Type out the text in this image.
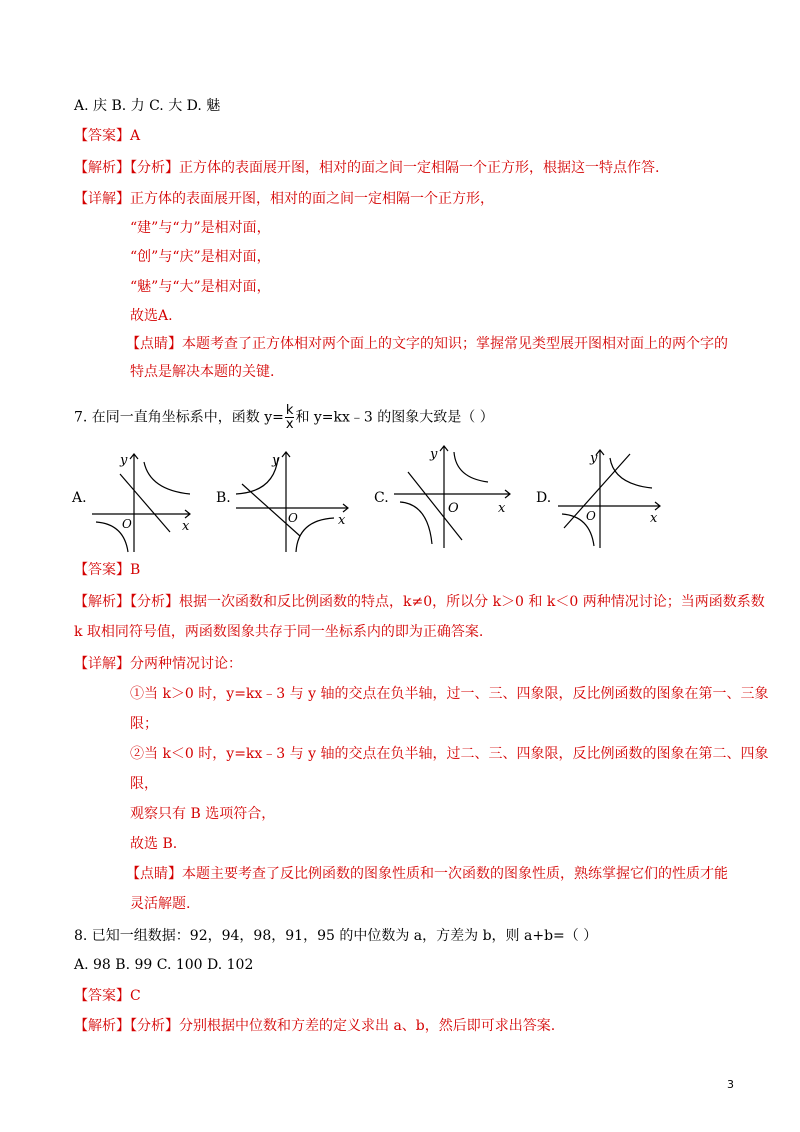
A. 庆 B. 力 C. 大 D. 魅
【答案】A
【解析】【分析】正方体的表面展开图，相对的面之间一定相隔一个正方形，根据这一特点作答.
【详解】正方体的表面展开图，相对的面之间一定相隔一个正方形，
“建”与“力”是相对面，
“创”与“庆”是相对面，
“魅”与“大”是相对面，
故选A.
【点睛】本题考查了正方体相对两个面上的文字的知识；掌握常见类型展开图相对面上的两个字的
特点是解决本题的关键.
7. 在同一直角坐标系中，函数 $y= \frac{k}{x}$ 和 y=kx﹣3 的图象大致是（ ）
A.
y
x
O
B.
y
x
O
C.
y
x
O
D.
y
x
O
【答案】B
【解析】【分析】根据一次函数和反比例函数的特点，k≠0，所以分 k＞0 和 k＜0 两种情况讨论；当两函数系数
k 取相同符号值，两函数图象共存于同一坐标系内的即为正确答案.
【详解】分两种情况讨论：
①当 k＞0 时，y=kx﹣3 与 y 轴的交点在负半轴，过一、三、四象限，反比例函数的图象在第一、三象
限；
②当 k＜0 时，y=kx﹣3 与 y 轴的交点在负半轴，过二、三、四象限，反比例函数的图象在第二、四象
限，
观察只有 B 选项符合，
故选 B.
【点睛】本题主要考查了反比例函数的图象性质和一次函数的图象性质，熟练掌握它们的性质才能
灵活解题.
8. 已知一组数据：92，94，98，91，95 的中位数为 a，方差为 b，则 a+b=（ ）
A. 98 B. 99 C. 100 D. 102
【答案】C
【解析】【分析】分别根据中位数和方差的定义求出 a、b，然后即可求出答案.
3
